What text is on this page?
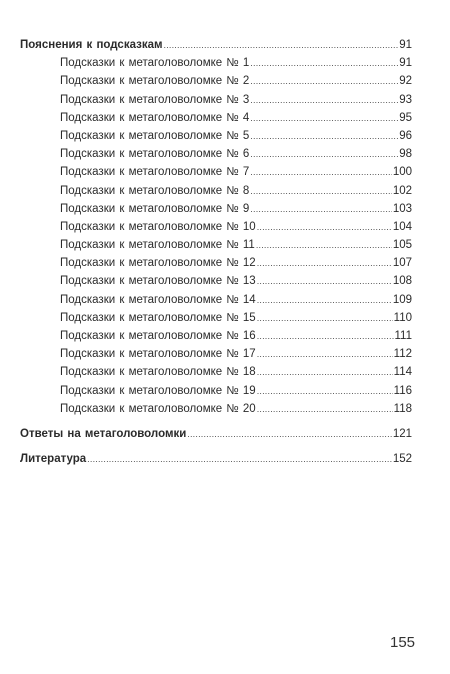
Пояснения к подсказкам .....	91
Подсказки к метаголоволомке № 1 .....	91
Подсказки к метаголоволомке № 2 .....	92
Подсказки к метаголоволомке № 3 .....	93
Подсказки к метаголоволомке № 4 .....	95
Подсказки к метаголоволомке № 5 .....	96
Подсказки к метаголоволомке № 6 .....	98
Подсказки к метаголоволомке № 7 .....	100
Подсказки к метаголоволомке № 8 .....	102
Подсказки к метаголоволомке № 9 .....	103
Подсказки к метаголоволомке № 10 .....	104
Подсказки к метаголоволомке № 11 .....	105
Подсказки к метаголоволомке № 12 .....	107
Подсказки к метаголоволомке № 13 .....	108
Подсказки к метаголоволомке № 14 .....	109
Подсказки к метаголоволомке № 15 .....	110
Подсказки к метаголоволомке № 16 .....	111
Подсказки к метаголоволомке № 17 .....	112
Подсказки к метаголоволомке № 18 .....	114
Подсказки к метаголоволомке № 19 .....	116
Подсказки к метаголоволомке № 20 .....	118
Ответы на метаголоволомки .....	121
Литература .....	152
155
